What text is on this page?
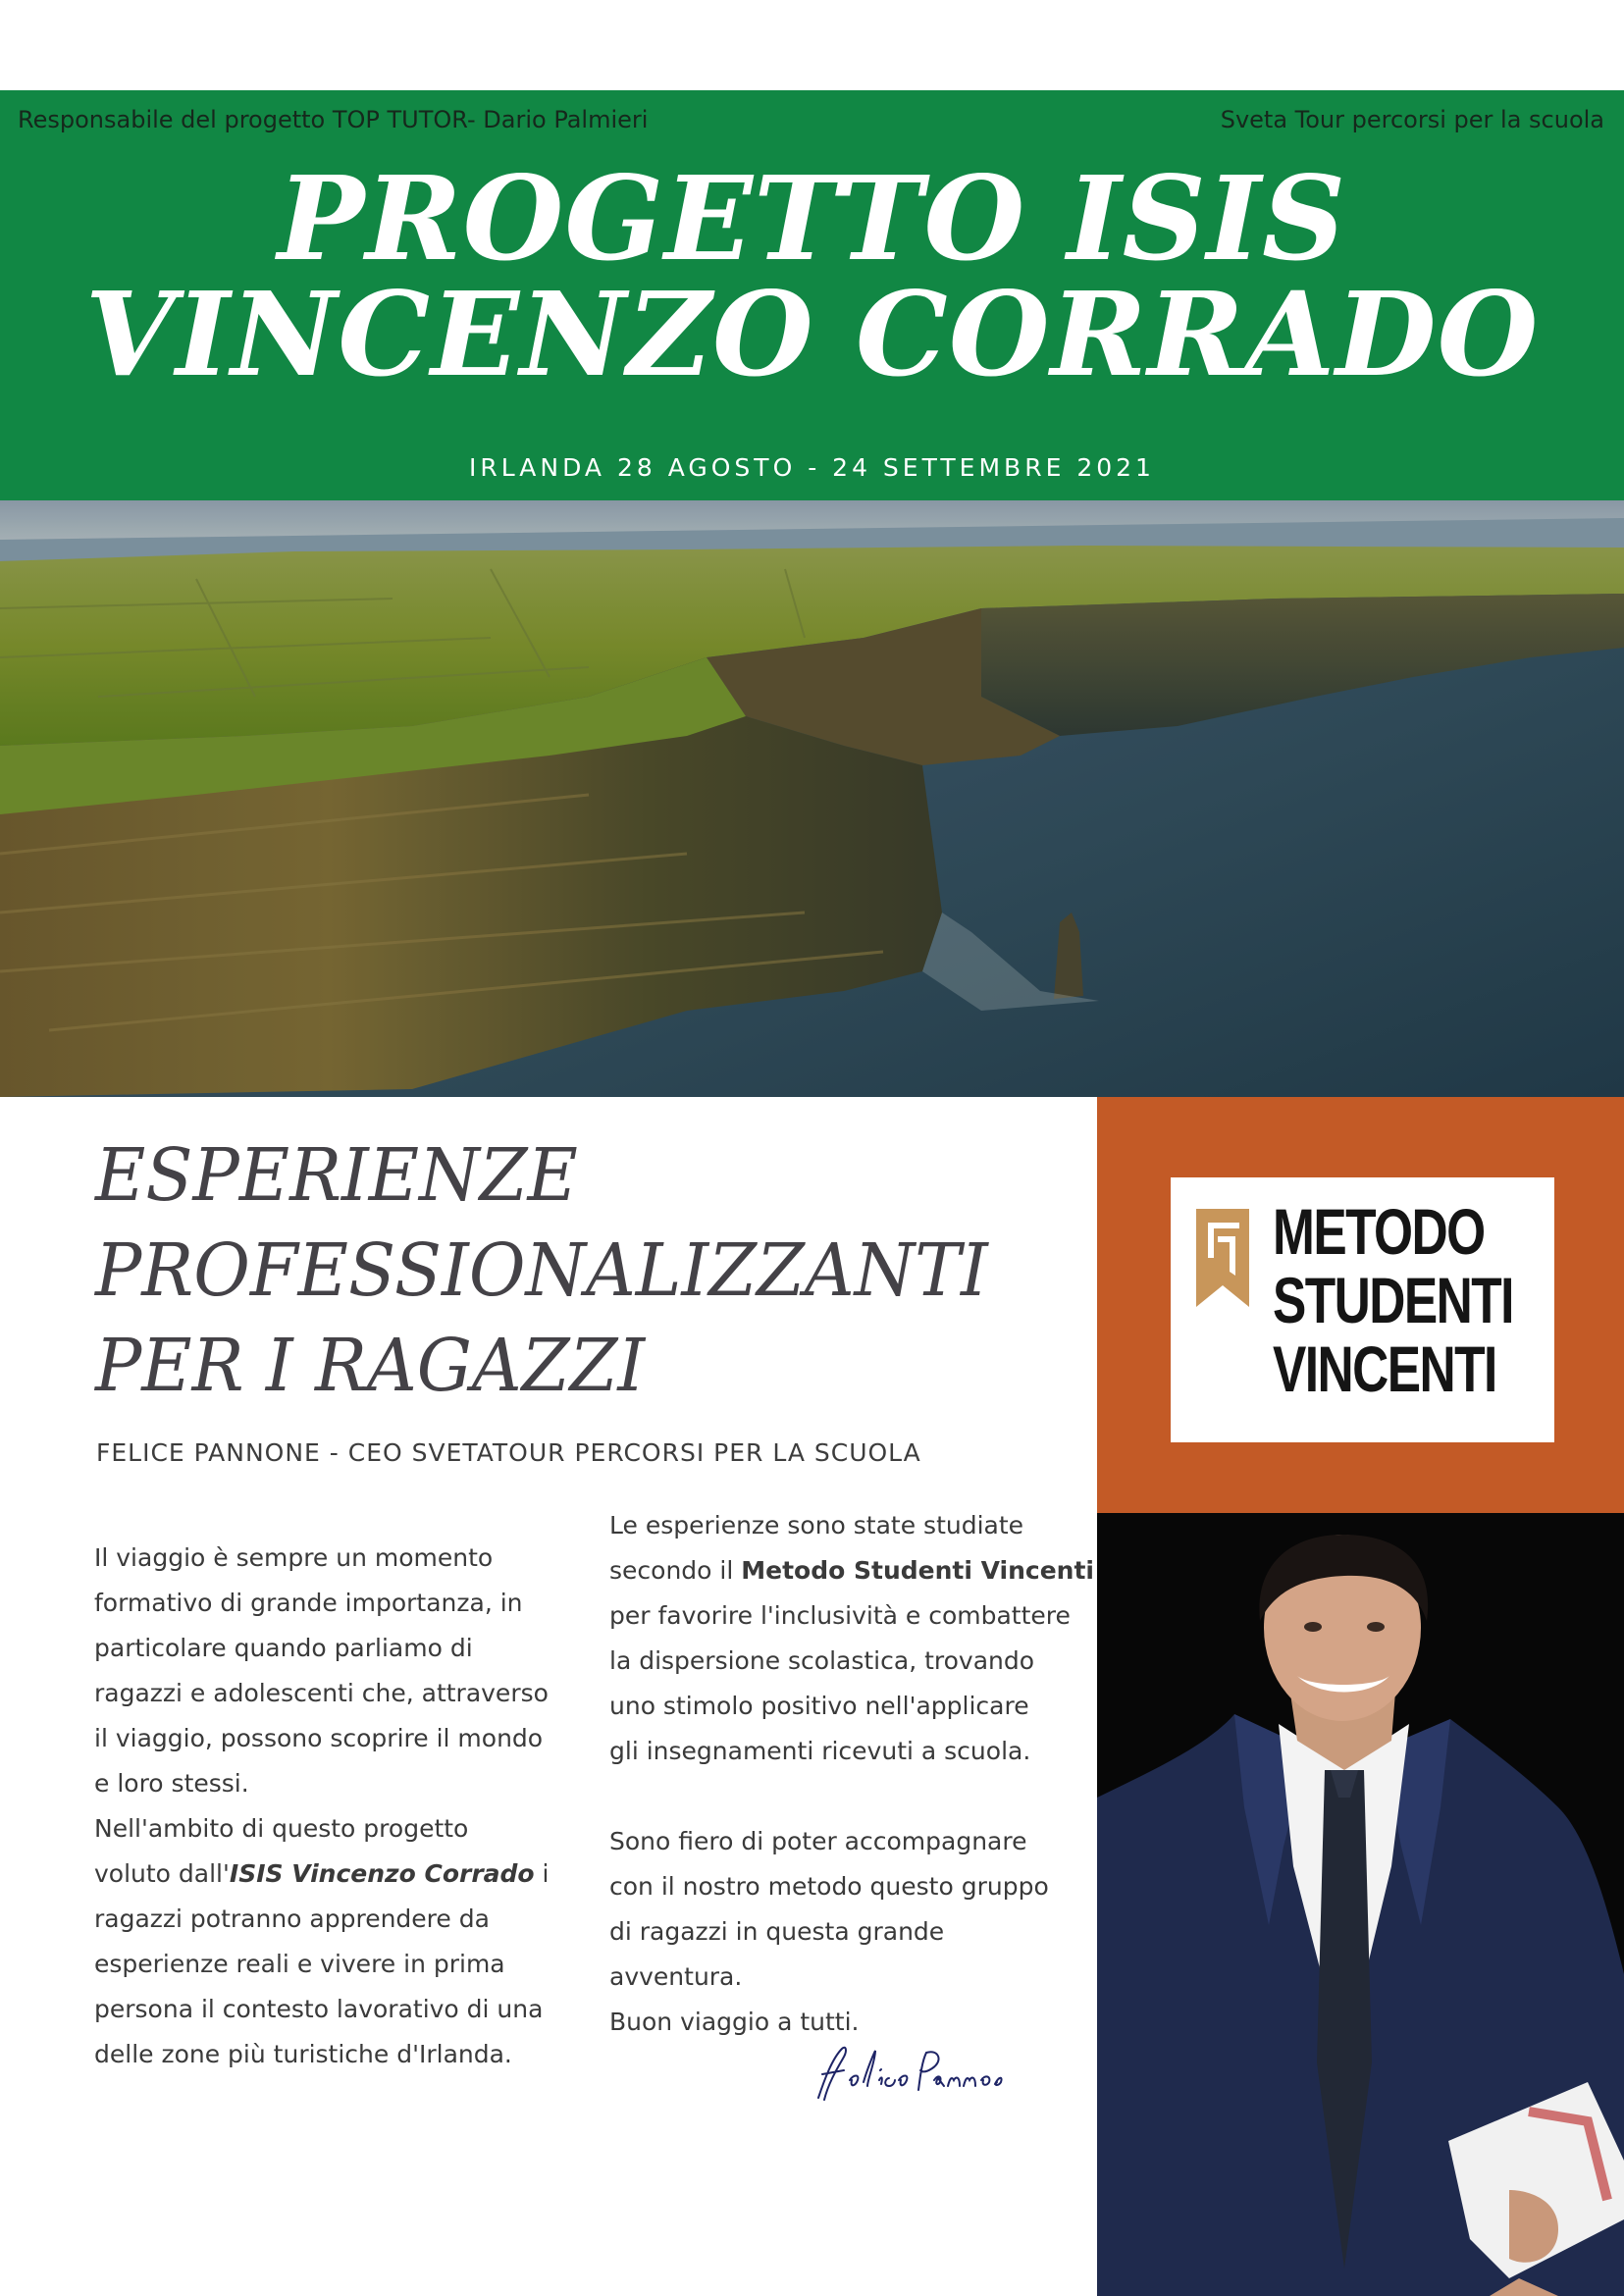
Responsabile del progetto TOP TUTOR- Dario Palmieri	Sveta Tour percorsi per la scuola
PROGETTO ISIS
VINCENZO CORRADO
IRLANDA 28 AGOSTO - 24 SETTEMBRE 2021
ESPERIENZE
PROFESSIONALIZZANTI
PER I RAGAZZI
FELICE PANNONE - CEO SVETATOUR PERCORSI PER LA SCUOLA
Il viaggio è sempre un momento
formativo di grande importanza, in
particolare quando parliamo di
ragazzi e adolescenti che, attraverso
il viaggio, possono scoprire il mondo
e loro stessi.
Nell'ambito di questo progetto
voluto dall'ISIS Vincenzo Corrado i
ragazzi potranno apprendere da
esperienze reali e vivere in prima
persona il contesto lavorativo di una
delle zone più turistiche d'Irlanda.
Le esperienze sono state studiate
secondo il Metodo Studenti Vincenti
per favorire l'inclusività e combattere
la dispersione scolastica, trovando
uno stimolo positivo nell'applicare
gli insegnamenti ricevuti a scuola.
Sono fiero di poter accompagnare
con il nostro metodo questo gruppo
di ragazzi in questa grande
avventura.
Buon viaggio a tutti.
METODO
STUDENTI
VINCENTI
